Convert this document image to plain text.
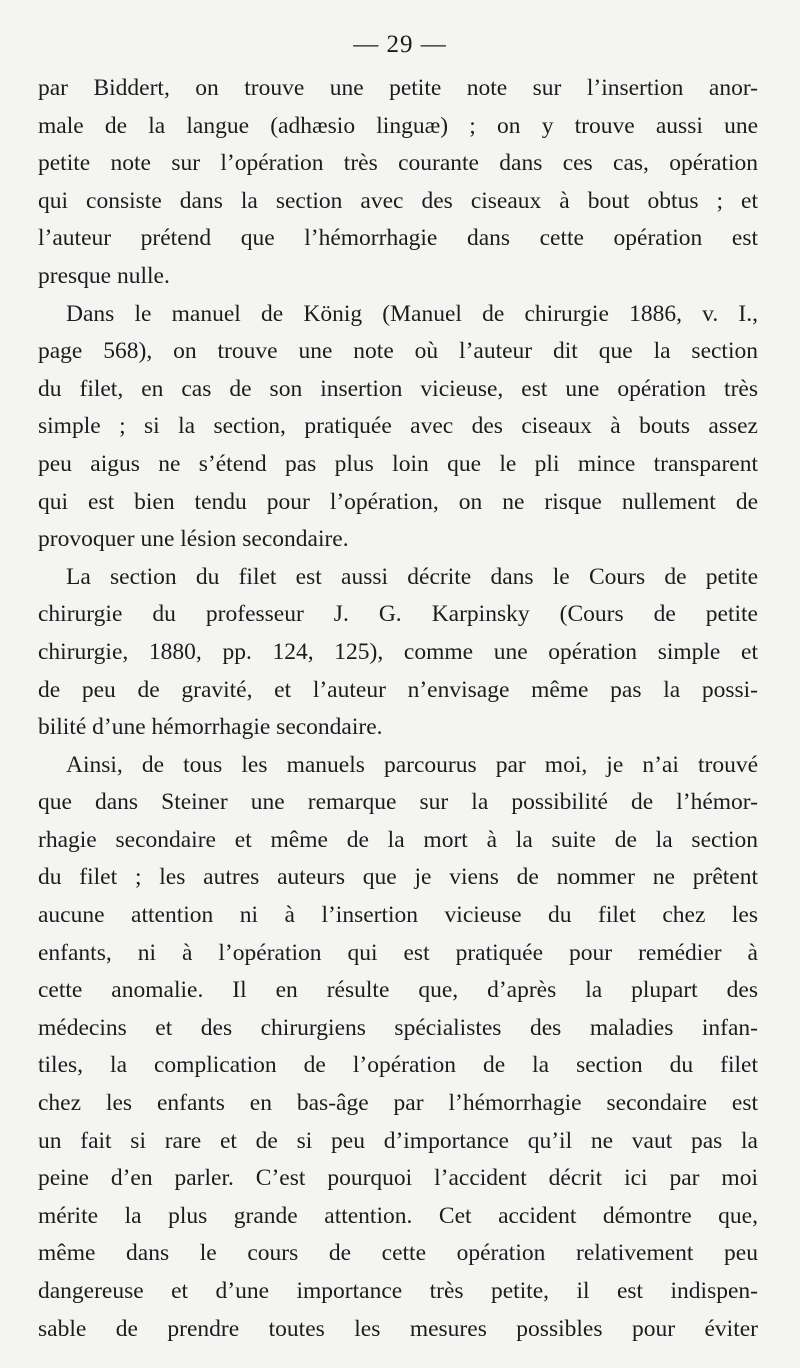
— 29 —
par Biddert, on trouve une petite note sur l’insertion anor-
male de la langue (adhæsio linguæ) ; on y trouve aussi une
petite note sur l’opération très courante dans ces cas, opération
qui consiste dans la section avec des ciseaux à bout obtus ; et
l’auteur prétend que l’hémorrhagie dans cette opération est
presque nulle.
Dans le manuel de König (Manuel de chirurgie 1886, v. I.,
page 568), on trouve une note où l’auteur dit que la section
du filet, en cas de son insertion vicieuse, est une opération très
simple ; si la section, pratiquée avec des ciseaux à bouts assez
peu aigus ne s’étend pas plus loin que le pli mince transparent
qui est bien tendu pour l’opération, on ne risque nullement de
provoquer une lésion secondaire.
La section du filet est aussi décrite dans le Cours de petite
chirurgie du professeur J. G. Karpinsky (Cours de petite
chirurgie, 1880, pp. 124, 125), comme une opération simple et
de peu de gravité, et l’auteur n’envisage même pas la possi-
bilité d’une hémorrhagie secondaire.
Ainsi, de tous les manuels parcourus par moi, je n’ai trouvé
que dans Steiner une remarque sur la possibilité de l’hémor-
rhagie secondaire et même de la mort à la suite de la section
du filet ; les autres auteurs que je viens de nommer ne prêtent
aucune attention ni à l’insertion vicieuse du filet chez les
enfants, ni à l’opération qui est pratiquée pour remédier à
cette anomalie. Il en résulte que, d’après la plupart des
médecins et des chirurgiens spécialistes des maladies infan-
tiles, la complication de l’opération de la section du filet
chez les enfants en bas-âge par l’hémorrhagie secondaire est
un fait si rare et de si peu d’importance qu’il ne vaut pas la
peine d’en parler. C’est pourquoi l’accident décrit ici par moi
mérite la plus grande attention. Cet accident démontre que,
même dans le cours de cette opération relativement peu
dangereuse et d’une importance très petite, il est indispen-
sable de prendre toutes les mesures possibles pour éviter
